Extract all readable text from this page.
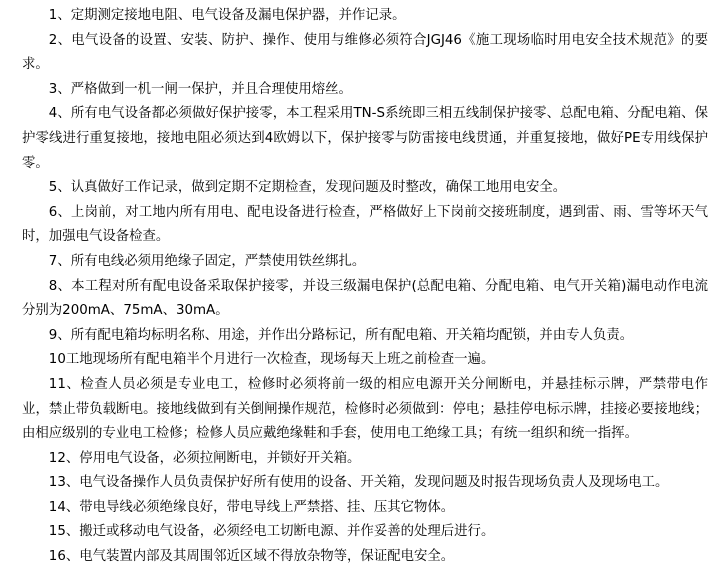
1、定期测定接地电阻、电气设备及漏电保护器，并作记录。

2、电气设备的设置、安装、防护、操作、使用与维修必须符合JGJ46《施工现场临时用电安全技术规范》的要求。

3、严格做到一机一闸一保护，并且合理使用熔丝。

4、所有电气设备都必须做好保护接零，本工程采用TN-S系统即三相五线制保护接零、总配电箱、分配电箱、保护零线进行重复接地，接地电阻必须达到4欧姆以下，保护接零与防雷接电线贯通，并重复接地，做好PE专用线保护零。

5、认真做好工作记录，做到定期不定期检查，发现问题及时整改，确保工地用电安全。

6、上岗前，对工地内所有用电、配电设备进行检查，严格做好上下岗前交接班制度，遇到雷、雨、雪等坏天气时，加强电气设备检查。

7、所有电线必须用绝缘子固定，严禁使用铁丝绑扎。

8、本工程对所有配电设备采取保护接零，并设三级漏电保护(总配电箱、分配电箱、电气开关箱)漏电动作电流分别为200mA、75mA、30mA。

9、所有配电箱均标明名称、用途，并作出分路标记，所有配电箱、开关箱均配锁，并由专人负责。

10工地现场所有配电箱半个月进行一次检查，现场每天上班之前检查一遍。

11、检查人员必须是专业电工，检修时必须将前一级的相应电源开关分闸断电，并悬挂标示牌，严禁带电作业，禁止带负载断电。接地线做到有关倒闸操作规范，检修时必须做到：停电；悬挂停电标示牌，挂接必要接地线；由相应级别的专业电工检修；检修人员应戴绝缘鞋和手套，使用电工绝缘工具；有统一组织和统一指挥。

12、停用电气设备，必须拉闸断电，并锁好开关箱。

13、电气设备操作人员负责保护好所有使用的设备、开关箱，发现问题及时报告现场负责人及现场电工。

14、带电导线必须绝缘良好，带电导线上严禁搭、挂、压其它物体。

15、搬迁或移动电气设备，必须经电工切断电源、并作妥善的处理后进行。

16、电气装置内部及其周围邻近区域不得放杂物等，保证配电安全。
